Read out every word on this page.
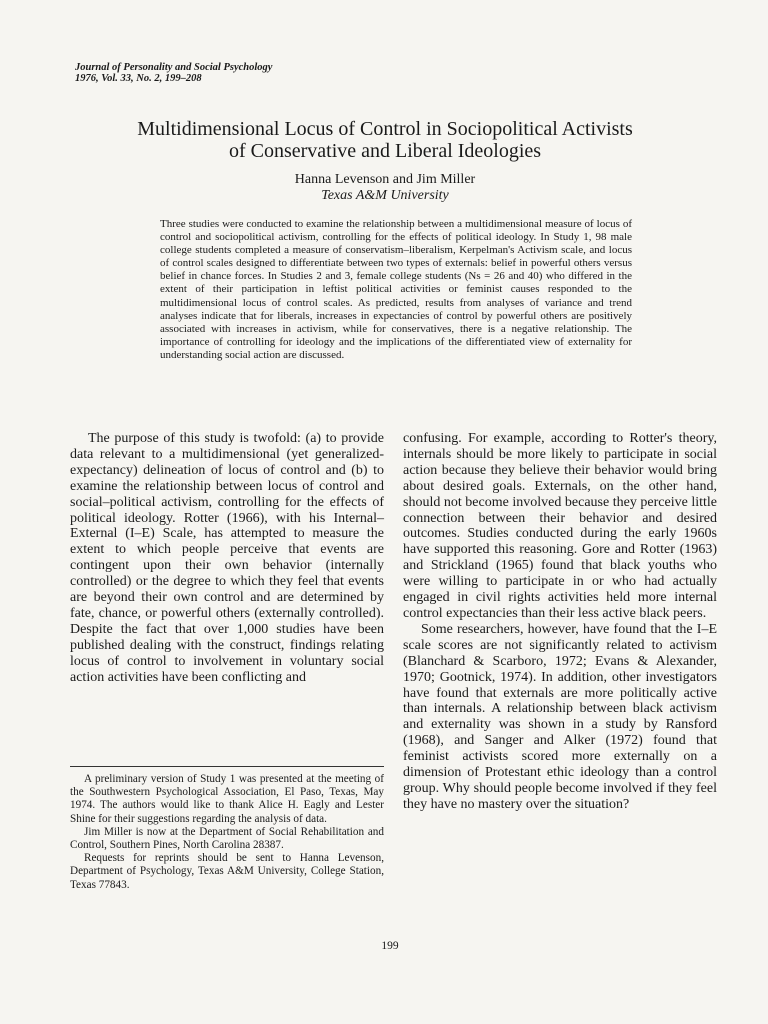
Journal of Personality and Social Psychology
1976, Vol. 33, No. 2, 199–208
Multidimensional Locus of Control in Sociopolitical Activists
of Conservative and Liberal Ideologies
Hanna Levenson and Jim Miller
Texas A&M University
Three studies were conducted to examine the relationship between a multidimensional measure of locus of control and sociopolitical activism, controlling for the effects of political ideology. In Study 1, 98 male college students completed a measure of conservatism–liberalism, Kerpelman's Activism scale, and locus of control scales designed to differentiate between two types of externals: belief in powerful others versus belief in chance forces. In Studies 2 and 3, female college students (Ns = 26 and 40) who differed in the extent of their participation in leftist political activities or feminist causes responded to the multidimensional locus of control scales. As predicted, results from analyses of variance and trend analyses indicate that for liberals, increases in expectancies of control by powerful others are positively associated with increases in activism, while for conservatives, there is a negative relationship. The importance of controlling for ideology and the implications of the differentiated view of externality for understanding social action are discussed.

The purpose of this study is twofold: (a) to provide data relevant to a multidimensional (yet generalized-expectancy) delineation of locus of control and (b) to examine the relationship between locus of control and social–political activism, controlling for the effects of political ideology. Rotter (1966), with his Internal–External (I–E) Scale, has attempted to measure the extent to which people perceive that events are contingent upon their own behavior (internally controlled) or the degree to which they feel that events are beyond their own control and are determined by fate, chance, or powerful others (externally controlled). Despite the fact that over 1,000 studies have been published dealing with the construct, findings relating locus of control to involvement in voluntary social action activities have been conflicting and

confusing. For example, according to Rotter's theory, internals should be more likely to participate in social action because they believe their behavior would bring about desired goals. Externals, on the other hand, should not become involved because they perceive little connection between their behavior and desired outcomes. Studies conducted during the early 1960s have supported this reasoning. Gore and Rotter (1963) and Strickland (1965) found that black youths who were willing to participate in or who had actually engaged in civil rights activities held more internal control expectancies than their less active black peers.

Some researchers, however, have found that the I–E scale scores are not significantly related to activism (Blanchard & Scarboro, 1972; Evans & Alexander, 1970; Gootnick, 1974). In addition, other investigators have found that externals are more politically active than internals. A relationship between black activism and externality was shown in a study by Ransford (1968), and Sanger and Alker (1972) found that feminist activists scored more externally on a dimension of Protestant ethic ideology than a control group. Why should people become involved if they feel they have no mastery over the situation?

A preliminary version of Study 1 was presented at the meeting of the Southwestern Psychological Association, El Paso, Texas, May 1974. The authors would like to thank Alice H. Eagly and Lester Shine for their suggestions regarding the analysis of data.

Jim Miller is now at the Department of Social Rehabilitation and Control, Southern Pines, North Carolina 28387.

Requests for reprints should be sent to Hanna Levenson, Department of Psychology, Texas A&M University, College Station, Texas 77843.

199
